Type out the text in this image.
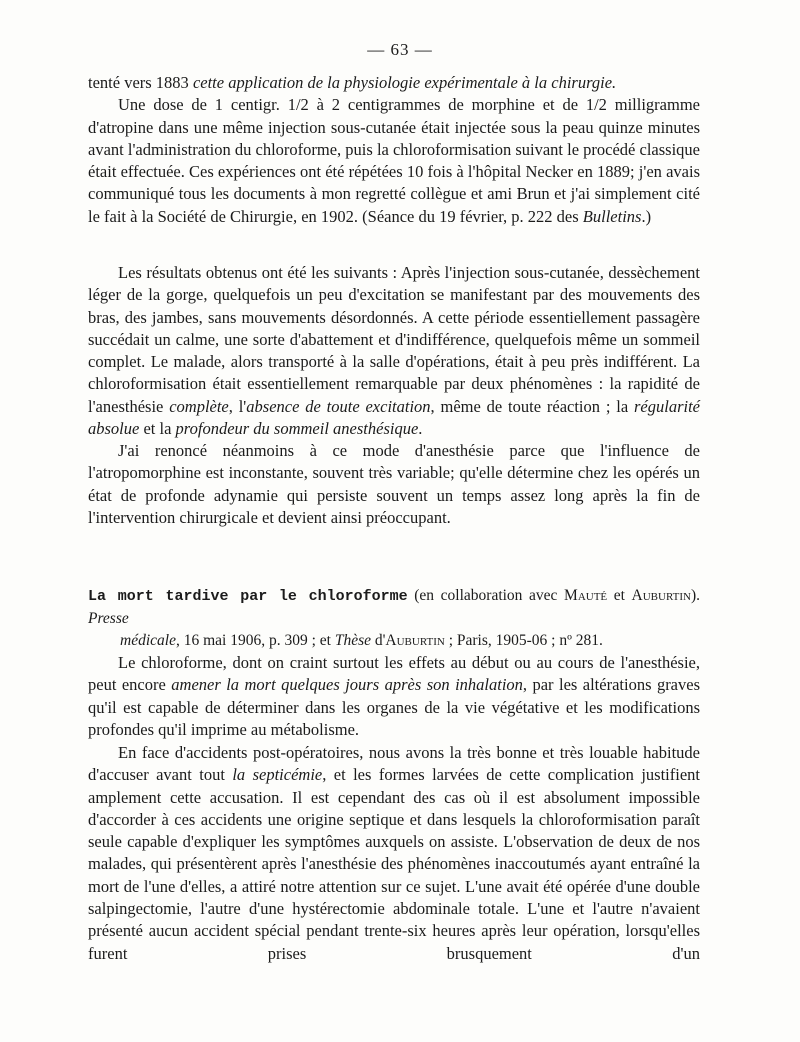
— 63 —

tenté vers 1883 cette application de la physiologie expérimentale à la chirurgie.

Une dose de 1 centigr. 1/2 à 2 centigrammes de morphine et de 1/2 milligramme d'atropine dans une même injection sous-cutanée était injectée sous la peau quinze minutes avant l'administration du chloroforme, puis la chloroformisation suivant le procédé classique était effectuée. Ces expériences ont été répétées 10 fois à l'hôpital Necker en 1889; j'en avais communiqué tous les documents à mon regretté collègue et ami Brun et j'ai simplement cité le fait à la Société de Chirurgie, en 1902. (Séance du 19 février, p. 222 des Bulletins.)

Les résultats obtenus ont été les suivants : Après l'injection sous-cutanée, dessèchement léger de la gorge, quelquefois un peu d'excitation se manifestant par des mouvements des bras, des jambes, sans mouvements désordonnés. A cette période essentiellement passagère succédait un calme, une sorte d'abattement et d'indifférence, quelquefois même un sommeil complet. Le malade, alors transporté à la salle d'opérations, était à peu près indifférent. La chloroformisation était essentiellement remarquable par deux phénomènes : la rapidité de l'anesthésie complète, l'absence de toute excitation, même de toute réaction ; la régularité absolue et la profondeur du sommeil anesthésique.

J'ai renoncé néanmoins à ce mode d'anesthésie parce que l'influence de l'atropomorphine est inconstante, souvent très variable; qu'elle détermine chez les opérés un état de profonde adynamie qui persiste souvent un temps assez long après la fin de l'intervention chirurgicale et devient ainsi préoccupant.

La mort tardive par le chloroforme (en collaboration avec Mauté et Auburtin). Presse
médicale, 16 mai 1906, p. 309 ; et Thèse d'Auburtin ; Paris, 1905-06 ; nº 281.

Le chloroforme, dont on craint surtout les effets au début ou au cours de l'anesthésie, peut encore amener la mort quelques jours après son inhalation, par les altérations graves qu'il est capable de déterminer dans les organes de la vie végétative et les modifications profondes qu'il imprime au métabolisme.

En face d'accidents post-opératoires, nous avons la très bonne et très louable habitude d'accuser avant tout la septicémie, et les formes larvées de cette complication justifient amplement cette accusation. Il est cependant des cas où il est absolument impossible d'accorder à ces accidents une origine septique et dans lesquels la chloroformisation paraît seule capable d'expliquer les symptômes auxquels on assiste. L'observation de deux de nos malades, qui présentèrent après l'anesthésie des phénomènes inaccoutumés ayant entraîné la mort de l'une d'elles, a attiré notre attention sur ce sujet. L'une avait été opérée d'une double salpingectomie, l'autre d'une hystérectomie abdominale totale. L'une et l'autre n'avaient présenté aucun accident spécial pendant trente-six heures après leur opération, lorsqu'elles furent prises brusquement d'un
